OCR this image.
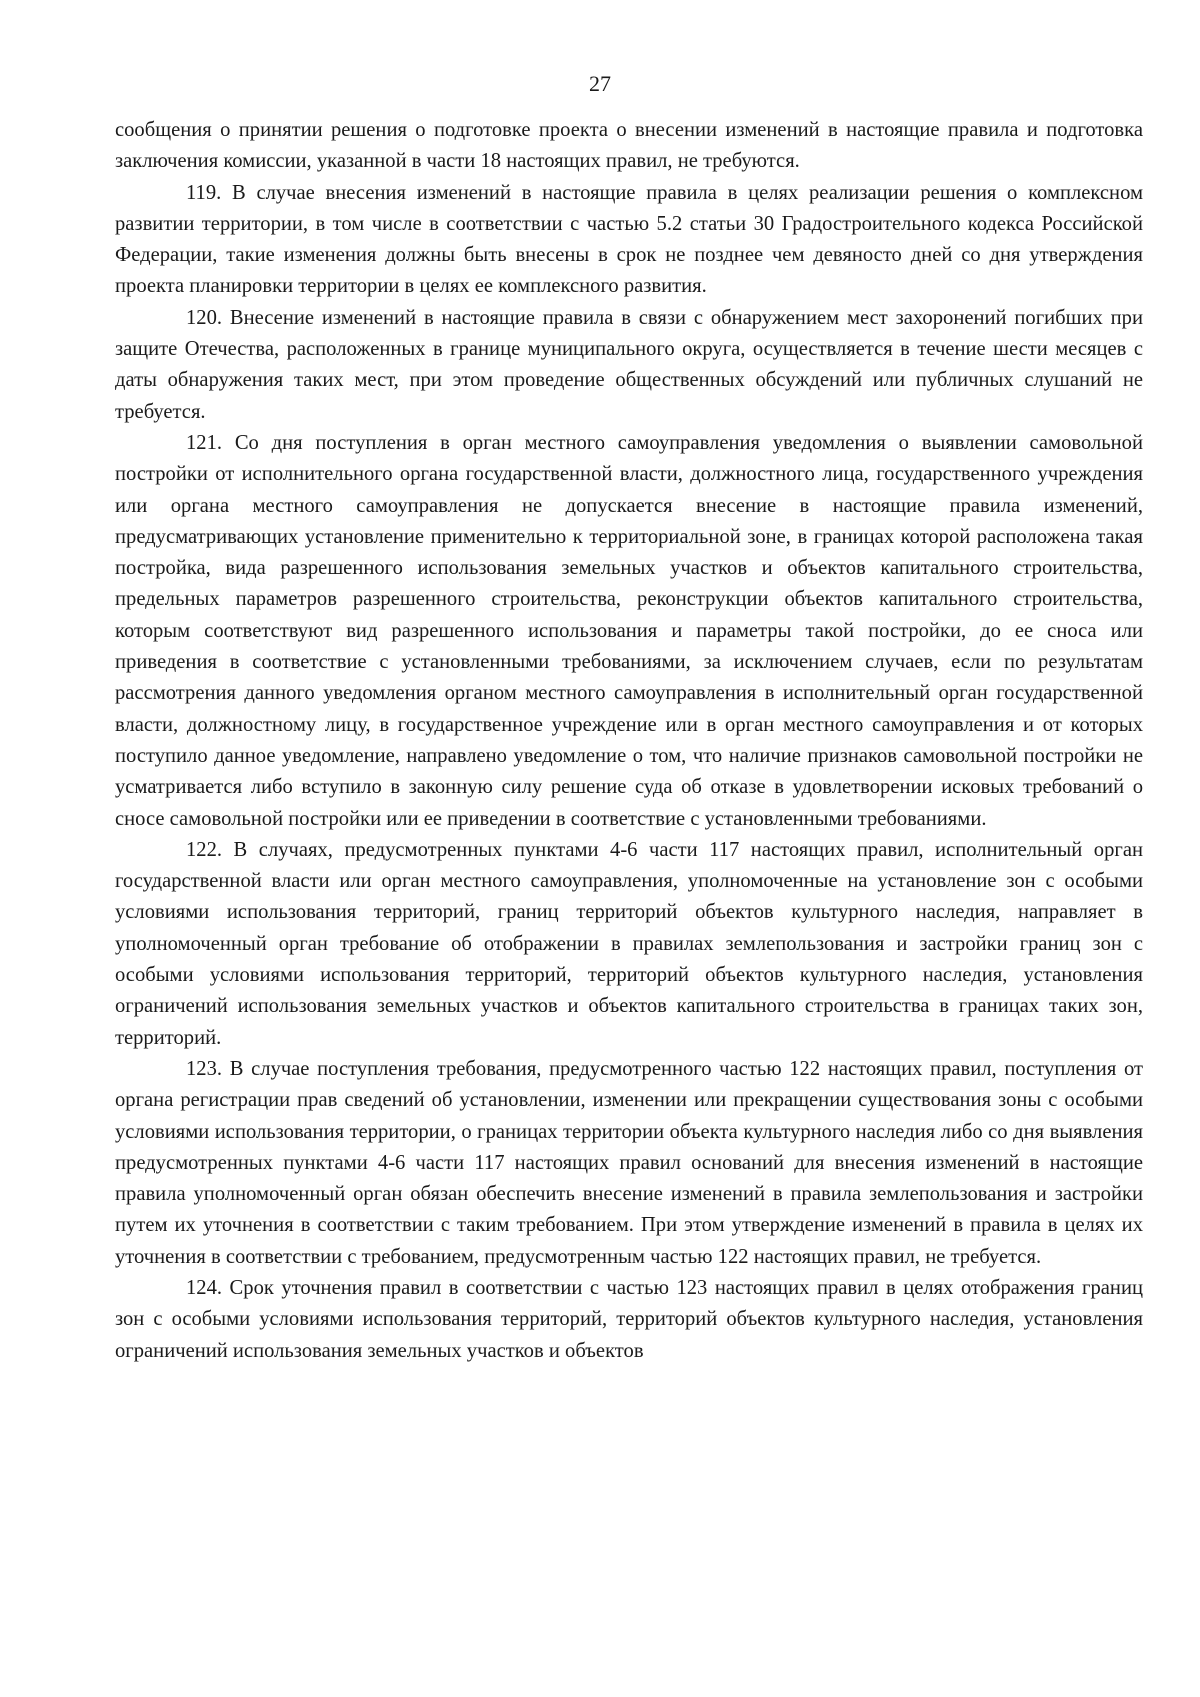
27

сообщения о принятии решения о подготовке проекта о внесении изменений в настоящие правила и подготовка заключения комиссии, указанной в части 18 настоящих правил, не требуются.

119. В случае внесения изменений в настоящие правила в целях реализации решения о комплексном развитии территории, в том числе в соответствии с частью 5.2 статьи 30 Градостроительного кодекса Российской Федерации, такие изменения должны быть внесены в срок не позднее чем девяносто дней со дня утверждения проекта планировки территории в целях ее комплексного развития.

120. Внесение изменений в настоящие правила в связи с обнаружением мест захоронений погибших при защите Отечества, расположенных в границе муниципального округа, осуществляется в течение шести месяцев с даты обнаружения таких мест, при этом проведение общественных обсуждений или публичных слушаний не требуется.

121. Со дня поступления в орган местного самоуправления уведомления о выявлении самовольной постройки от исполнительного органа государственной власти, должностного лица, государственного учреждения или органа местного самоуправления не допускается внесение в настоящие правила изменений, предусматривающих установление применительно к территориальной зоне, в границах которой расположена такая постройка, вида разрешенного использования земельных участков и объектов капитального строительства, предельных параметров разрешенного строительства, реконструкции объектов капитального строительства, которым соответствуют вид разрешенного использования и параметры такой постройки, до ее сноса или приведения в соответствие с установленными требованиями, за исключением случаев, если по результатам рассмотрения данного уведомления органом местного самоуправления в исполнительный орган государственной власти, должностному лицу, в государственное учреждение или в орган местного самоуправления и от которых поступило данное уведомление, направлено уведомление о том, что наличие признаков самовольной постройки не усматривается либо вступило в законную силу решение суда об отказе в удовлетворении исковых требований о сносе самовольной постройки или ее приведении в соответствие с установленными требованиями.

122. В случаях, предусмотренных пунктами 4-6 части 117 настоящих правил, исполнительный орган государственной власти или орган местного самоуправления, уполномоченные на установление зон с особыми условиями использования территорий, границ территорий объектов культурного наследия, направляет в уполномоченный орган требование об отображении в правилах землепользования и застройки границ зон с особыми условиями использования территорий, территорий объектов культурного наследия, установления ограничений использования земельных участков и объектов капитального строительства в границах таких зон, территорий.

123. В случае поступления требования, предусмотренного частью 122 настоящих правил, поступления от органа регистрации прав сведений об установлении, изменении или прекращении существования зоны с особыми условиями использования территории, о границах территории объекта культурного наследия либо со дня выявления предусмотренных пунктами 4-6 части 117 настоящих правил оснований для внесения изменений в настоящие правила уполномоченный орган обязан обеспечить внесение изменений в правила землепользования и застройки путем их уточнения в соответствии с таким требованием. При этом утверждение изменений в правила в целях их уточнения в соответствии с требованием, предусмотренным частью 122 настоящих правил, не требуется.

124. Срок уточнения правил в соответствии с частью 123 настоящих правил в целях отображения границ зон с особыми условиями использования территорий, территорий объектов культурного наследия, установления ограничений использования земельных участков и объектов
